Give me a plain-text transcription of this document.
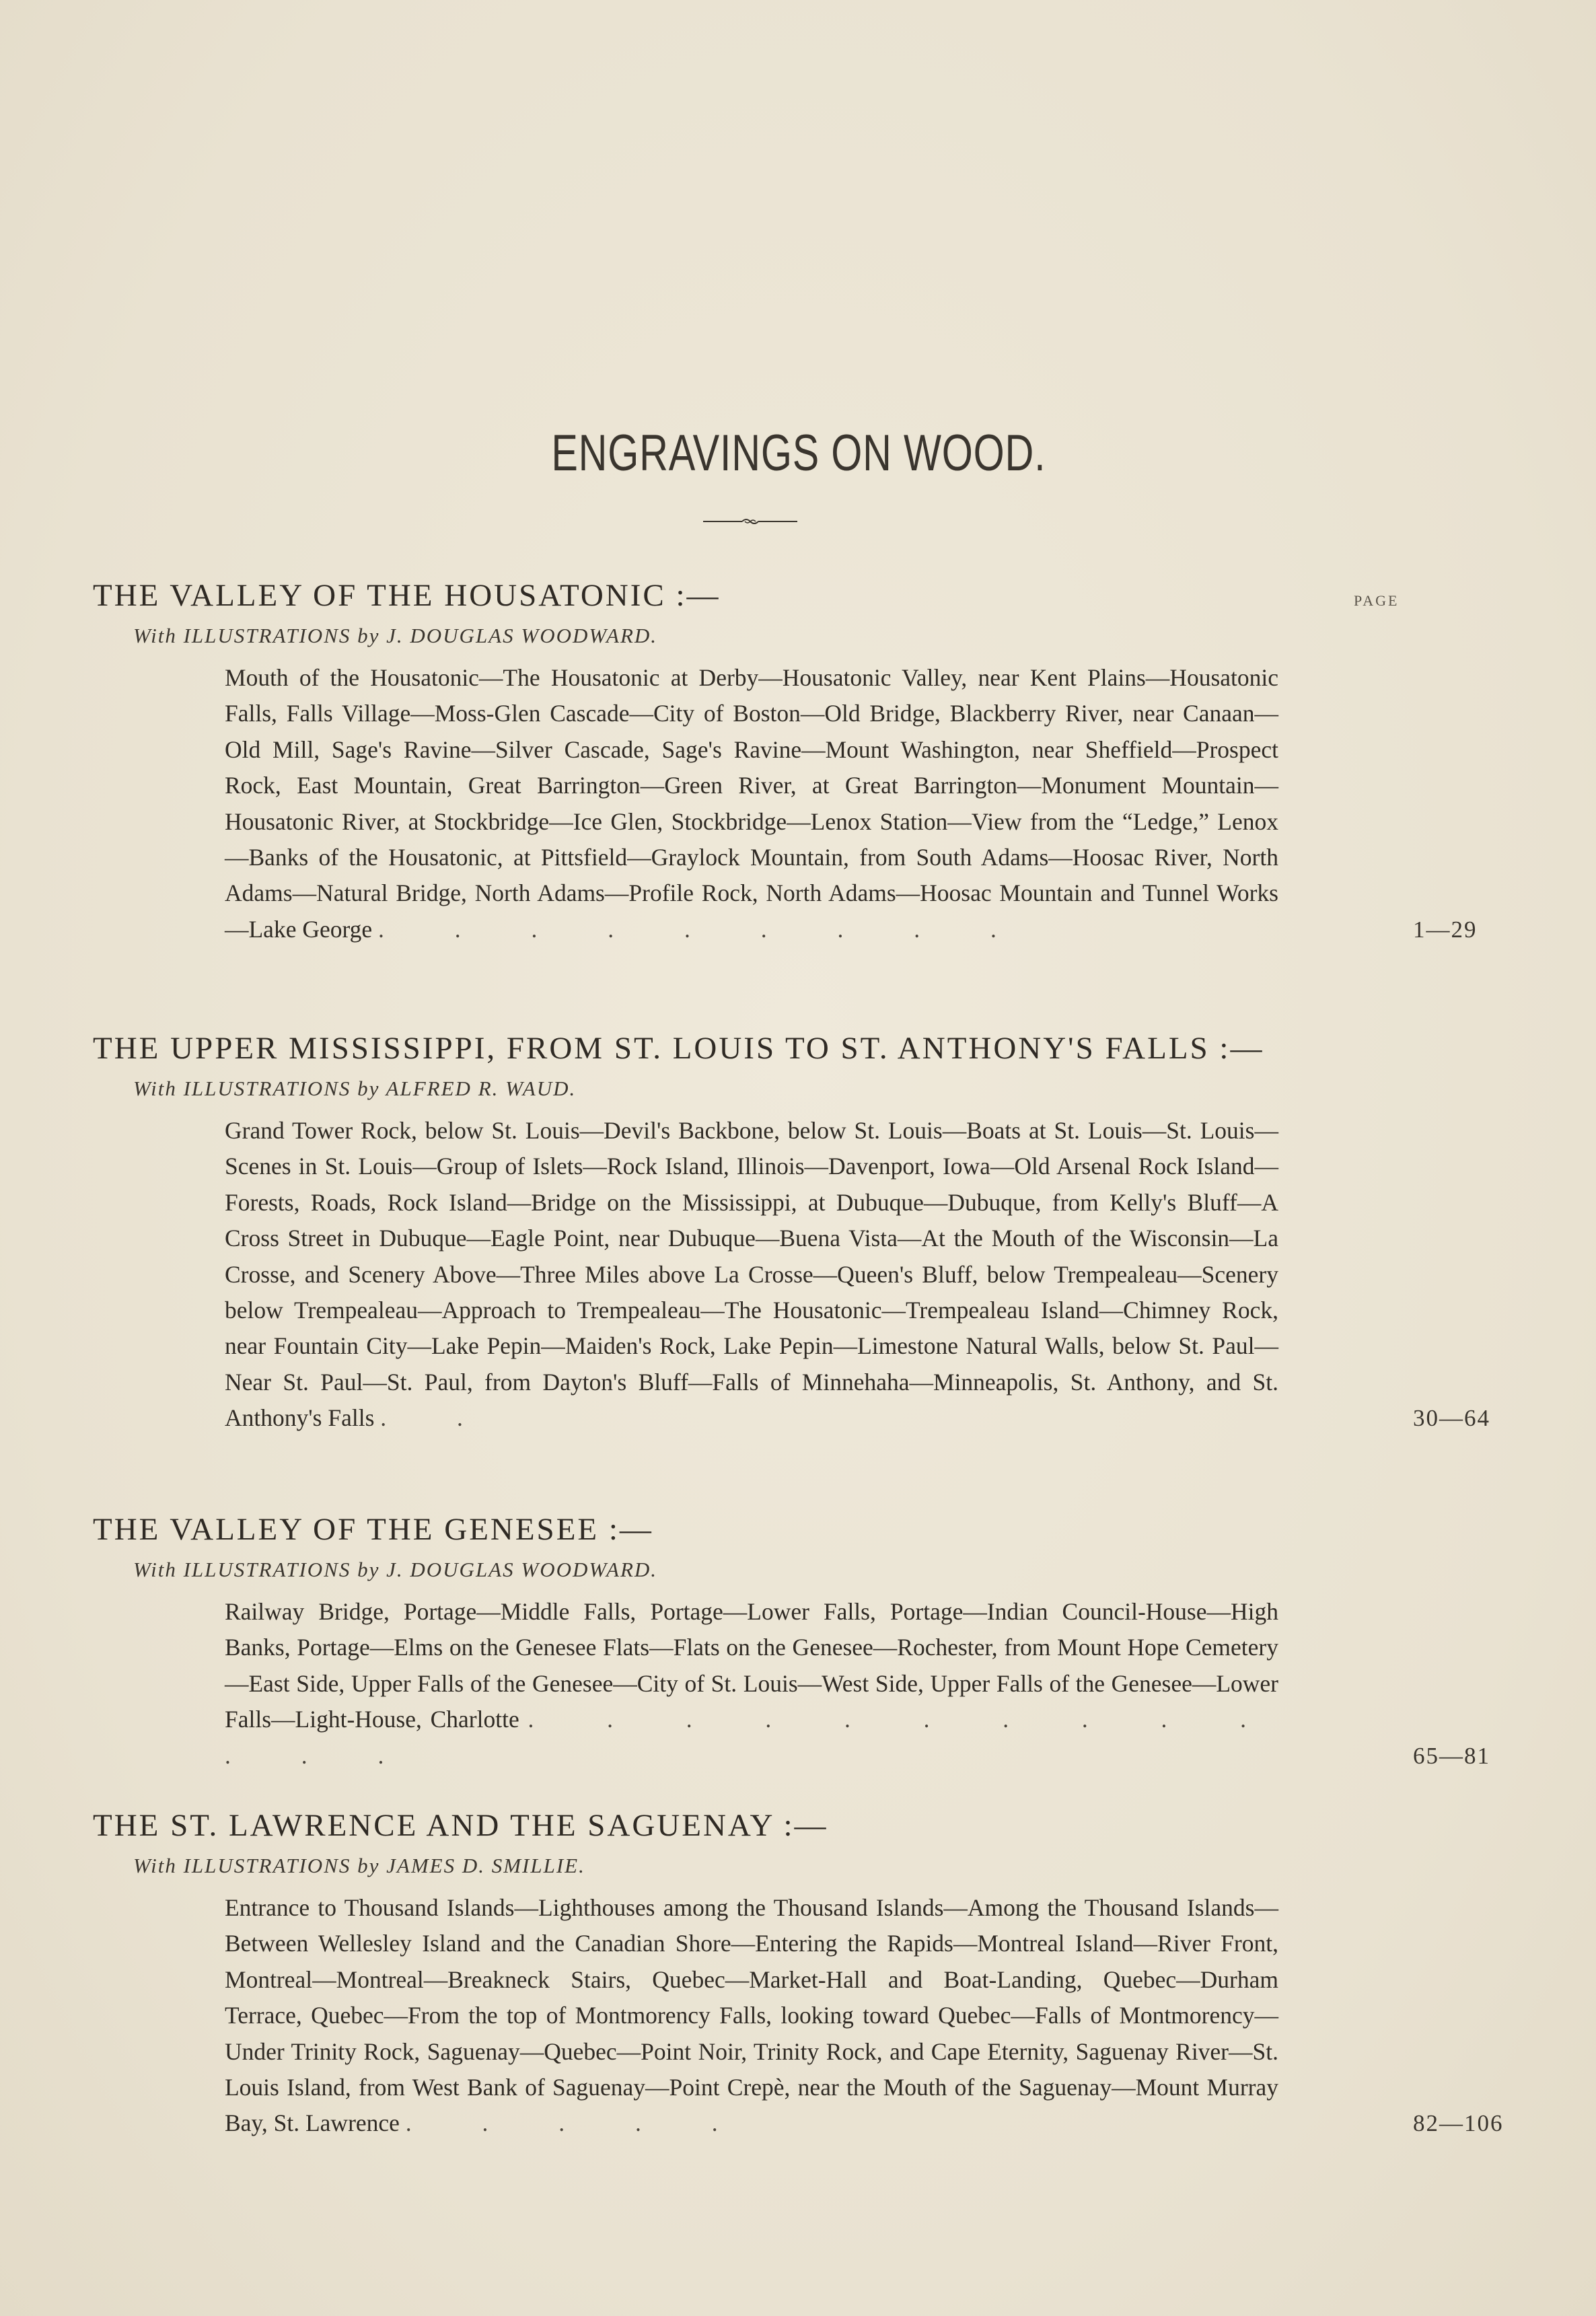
ENGRAVINGS ON WOOD.
PAGE
THE VALLEY OF THE HOUSATONIC :—
With ILLUSTRATIONS by J. DOUGLAS WOODWARD.
Mouth of the Housatonic—The Housatonic at Derby—Housatonic Valley, near Kent Plains—Housatonic Falls, Falls Village—Moss-Glen Cascade—City of Boston—Old Bridge, Blackberry River, near Canaan—Old Mill, Sage's Ravine—Silver Cascade, Sage's Ravine—Mount Washington, near Sheffield—Prospect Rock, East Mountain, Great Barrington—Green River, at Great Barrington—Monument Mountain—Housatonic River, at Stockbridge—Ice Glen, Stockbridge—Lenox Station—View from the “Ledge,” Lenox—Banks of the Housatonic, at Pittsfield—Graylock Mountain, from South Adams—Hoosac River, North Adams—Natural Bridge, North Adams—Profile Rock, North Adams—Hoosac Mountain and Tunnel Works—Lake George . . . . . . . . .	1—29
THE UPPER MISSISSIPPI, FROM ST. LOUIS TO ST. ANTHONY'S FALLS :—
With ILLUSTRATIONS by ALFRED R. WAUD.
Grand Tower Rock, below St. Louis—Devil's Backbone, below St. Louis—Boats at St. Louis—St. Louis—Scenes in St. Louis—Group of Islets—Rock Island, Illinois—Davenport, Iowa—Old Arsenal Rock Island—Forests, Roads, Rock Island—Bridge on the Mississippi, at Dubuque—Dubuque, from Kelly's Bluff—A Cross Street in Dubuque—Eagle Point, near Dubuque—Buena Vista—At the Mouth of the Wisconsin—La Crosse, and Scenery Above—Three Miles above La Crosse—Queen's Bluff, below Trempealeau—Scenery below Trempealeau—Approach to Trempealeau—The Housatonic—Trempealeau Island—Chimney Rock, near Fountain City—Lake Pepin—Maiden's Rock, Lake Pepin—Limestone Natural Walls, below St. Paul—Near St. Paul—St. Paul, from Dayton's Bluff—Falls of Minnehaha—Minneapolis, St. Anthony, and St. Anthony's Falls . .	30—64
THE VALLEY OF THE GENESEE :—
With ILLUSTRATIONS by J. DOUGLAS WOODWARD.
Railway Bridge, Portage—Middle Falls, Portage—Lower Falls, Portage—Indian Council-House—High Banks, Portage—Elms on the Genesee Flats—Flats on the Genesee—Rochester, from Mount Hope Cemetery—East Side, Upper Falls of the Genesee—City of St. Louis—West Side, Upper Falls of the Genesee—Lower Falls—Light-House, Charlotte . . . . . . . . . . . . .	65—81
THE ST. LAWRENCE AND THE SAGUENAY :—
With ILLUSTRATIONS by JAMES D. SMILLIE.
Entrance to Thousand Islands—Lighthouses among the Thousand Islands—Among the Thousand Islands—Between Wellesley Island and the Canadian Shore—Entering the Rapids—Montreal Island—River Front, Montreal—Montreal—Breakneck Stairs, Quebec—Market-Hall and Boat-Landing, Quebec—Durham Terrace, Quebec—From the top of Montmorency Falls, looking toward Quebec—Falls of Montmorency—Under Trinity Rock, Saguenay—Quebec—Point Noir, Trinity Rock, and Cape Eternity, Saguenay River—St. Louis Island, from West Bank of Saguenay—Point Crepè, near the Mouth of the Saguenay—Mount Murray Bay, St. Lawrence . . . . .	82—106
